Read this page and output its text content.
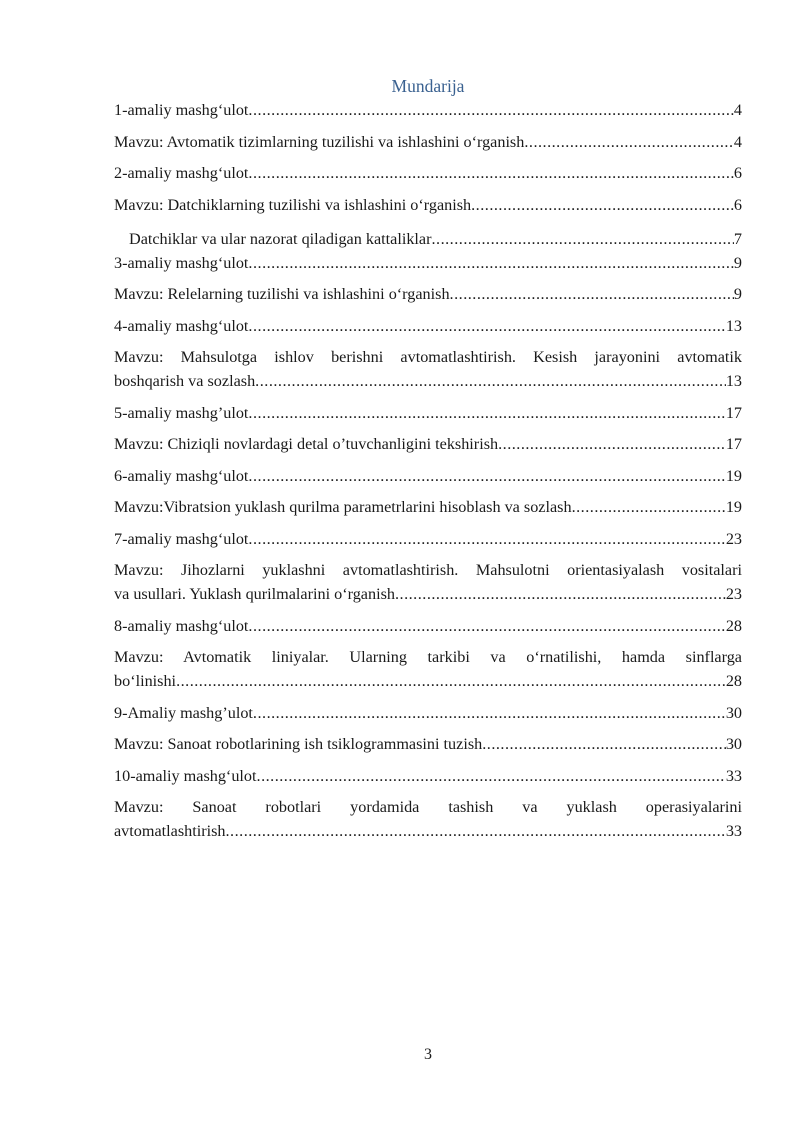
Mundarija
1-amaliy mashg‘ulot .....	4
Mavzu: Avtomatik tizimlarning tuzilishi va ishlashini o‘rganish .....	4
2-amaliy mashg‘ulot .....	6
Mavzu: Datchiklarning tuzilishi va ishlashini o‘rganish .....	6
Datchiklar va ular nazorat qiladigan kattaliklar .....	7
3-amaliy mashg‘ulot .....	9
Mavzu: Relelarning tuzilishi va ishlashini o‘rganish .....	9
4-amaliy mashg‘ulot .....	13
Mavzu: Mahsulotga ishlov berishni avtomatlashtirish. Kesish jarayonini avtomatik
boshqarish va sozlash .....	13
5-amaliy mashg’ulot .....	17
Mavzu: Chiziqli novlardagi detal o’tuvchanligini tekshirish .....	17
6-amaliy mashg‘ulot .....	19
Mavzu:Vibratsion yuklash qurilma parametrlarini hisoblash va sozlash .....	19
7-amaliy mashg‘ulot .....	23
Mavzu: Jihozlarni yuklashni avtomatlashtirish. Mahsulotni orientasiyalash vositalari
va usullari. Yuklash qurilmalarini o‘rganish .....	23
8-amaliy mashg‘ulot .....	28
Mavzu: Avtomatik liniyalar. Ularning tarkibi va o‘rnatilishi, hamda sinflarga
bo‘linishi .....	28
9-Amaliy mashg’ulot .....	30
Mavzu: Sanoat robotlarining ish tsiklogrammasini tuzish .....	30
10-amaliy mashg‘ulot .....	33
Mavzu: Sanoat robotlari yordamida tashish va yuklash operasiyalarini
avtomatlashtirish .....	33
3
